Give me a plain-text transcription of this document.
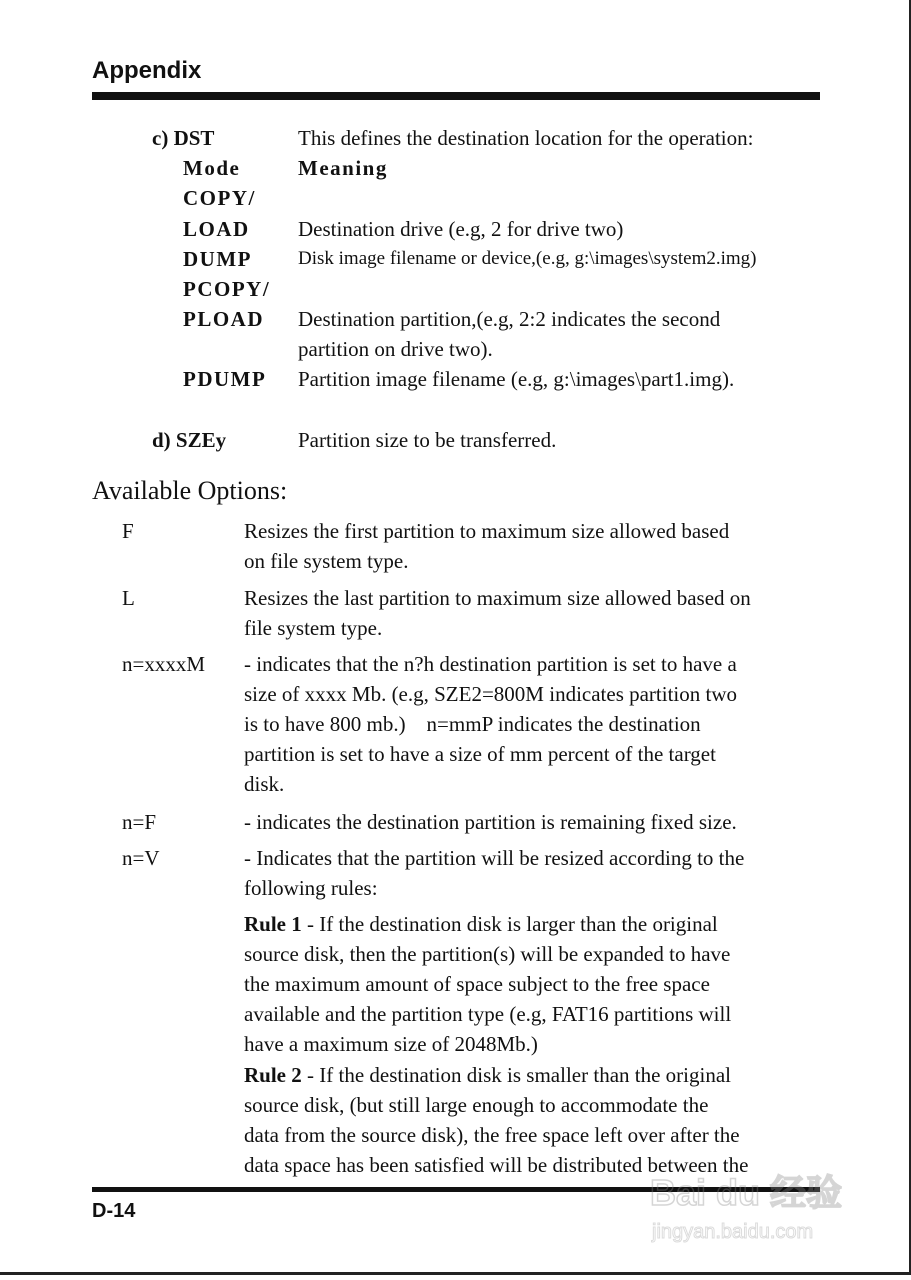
Appendix
c) DST	This defines the destination location for the operation:
Mode	Meaning
COPY/
LOAD Destination drive (e.g, 2 for drive two)
DUMP Disk image filename or device,(e.g, g:\images\system2.img)
PCOPY/
PLOAD Destination partition,(e.g, 2:2 indicates the second
partition on drive two).
PDUMP Partition image filename (e.g, g:\images\part1.img).
d) SZEy	Partition size to be transferred.
Available Options:
F	Resizes the first partition to maximum size allowed based
on file system type.
L	Resizes the last partition to maximum size allowed based on
file system type.
n=xxxxM - indicates that the n?h destination partition is set to have a
size of xxxx Mb. (e.g, SZE2=800M indicates partition two
is to have 800 mb.)    n=mmP indicates the destination
partition is set to have a size of mm percent of the target
disk.
n=F	- indicates the destination partition is remaining fixed size.
n=V	- Indicates that the partition will be resized according to the
following rules:
Rule 1 - If the destination disk is larger than the original
source disk, then the partition(s) will be expanded to have
the maximum amount of space subject to the free space
available and the partition type (e.g, FAT16 partitions will
have a maximum size of 2048Mb.)
Rule 2 - If the destination disk is smaller than the original
source disk, (but still large enough to accommodate the
data from the source disk), the free space left over after the
data space has been satisfied will be distributed between the
D-14	Bai du 经验
jingyan.baidu.com
